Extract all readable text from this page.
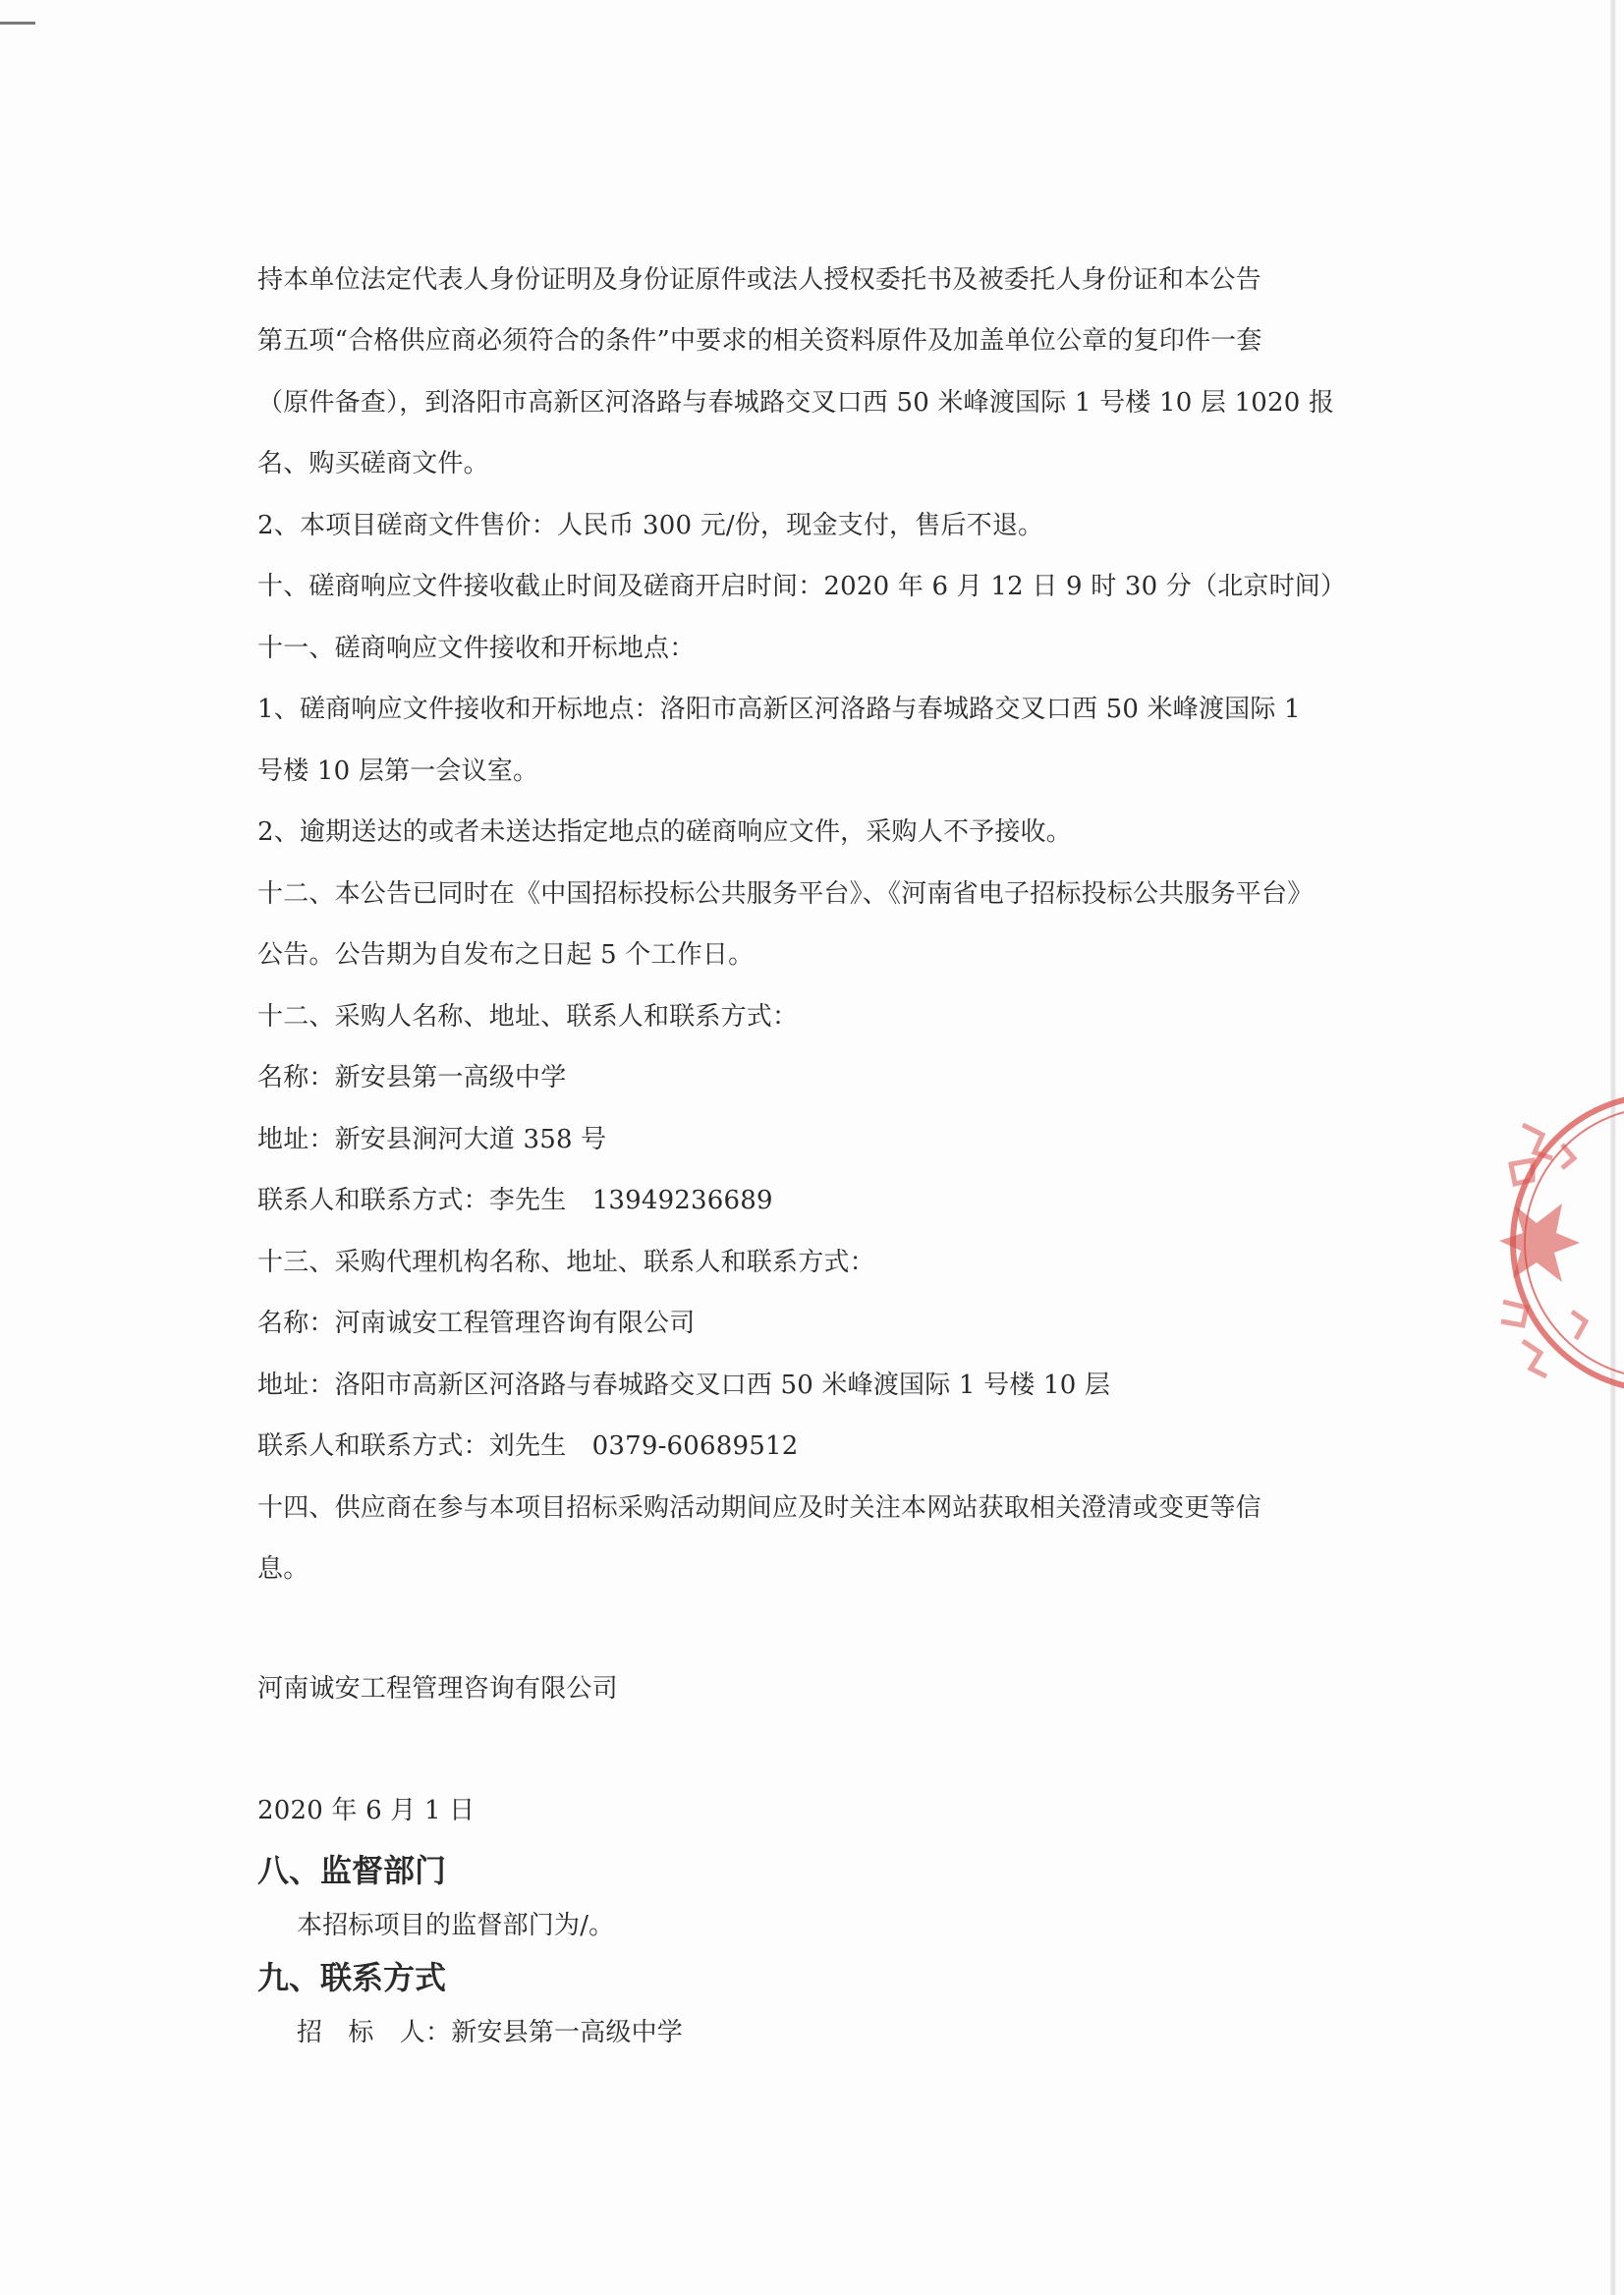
持本单位法定代表人身份证明及身份证原件或法人授权委托书及被委托人身份证和本公告
第五项“合格供应商必须符合的条件”中要求的相关资料原件及加盖单位公章的复印件一套
（原件备查），到洛阳市高新区河洛路与春城路交叉口西 50 米峰渡国际 1 号楼 10 层 1020 报
名、购买磋商文件。
2、本项目磋商文件售价：人民币 300 元/份，现金支付，售后不退。
十、磋商响应文件接收截止时间及磋商开启时间：2020 年 6 月 12 日 9 时 30 分（北京时间）
十一、磋商响应文件接收和开标地点：
1、磋商响应文件接收和开标地点：洛阳市高新区河洛路与春城路交叉口西 50 米峰渡国际 1
号楼 10 层第一会议室。
2、逾期送达的或者未送达指定地点的磋商响应文件，采购人不予接收。
十二、本公告已同时在《中国招标投标公共服务平台》、《河南省电子招标投标公共服务平台》
公告。公告期为自发布之日起 5 个工作日。
十二、采购人名称、地址、联系人和联系方式：
名称：新安县第一高级中学
地址：新安县涧河大道 358 号
联系人和联系方式：李先生　13949236689
十三、采购代理机构名称、地址、联系人和联系方式：
名称：河南诚安工程管理咨询有限公司
地址：洛阳市高新区河洛路与春城路交叉口西 50 米峰渡国际 1 号楼 10 层
联系人和联系方式：刘先生　0379-60689512
十四、供应商在参与本项目招标采购活动期间应及时关注本网站获取相关澄清或变更等信
息。
河南诚安工程管理咨询有限公司
2020 年 6 月 1 日
八、监督部门
本招标项目的监督部门为/。
九、联系方式
招　标　人：新安县第一高级中学
